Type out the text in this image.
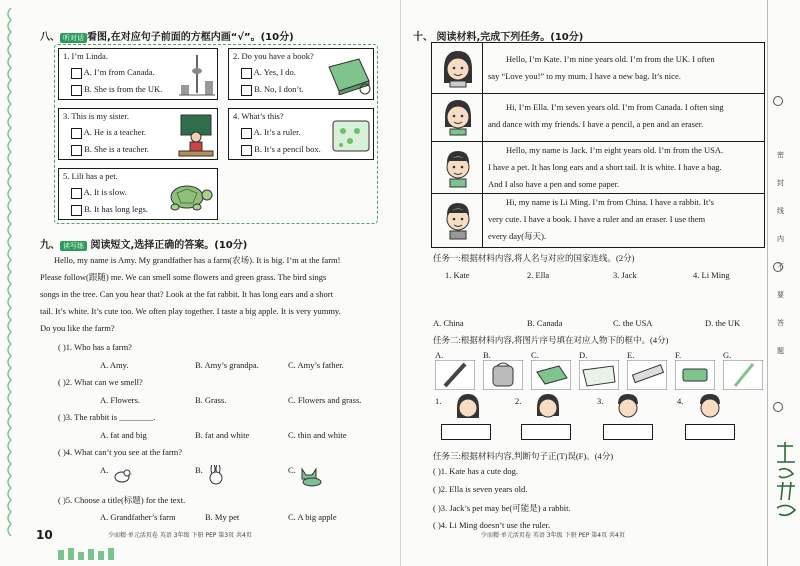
八、 听对话 看图,在对应句子前面的方框内画“√”。(10分)
1. I’m Linda.
A. I’m from Canada.
B. She is from the UK.
2. Do you have a book?
A. Yes, I do.
B. No, I don’t.
3. This is my sister.
A. He is a teacher.
B. She is a teacher.
4. What’s this?
A. It’s a ruler.
B. It’s a pencil box.
5. Lili has a pet.
A. It is slow.
B. It has long legs.
九、 读写练 阅读短文,选择正确的答案。(10分)
Hello, my name is Amy. My grandfather has a farm(农场). It is big. I’m at the farm!
Please follow(跟随) me. We can smell some flowers and green grass. The bird sings
songs in the tree. Can you hear that? Look at the fat rabbit. It has long ears and a short
tail. It’s white. It’s cute too. We often play together. I taste a big apple. It is very yummy.
Do you like the farm?
( )1. Who has a farm?
A. Amy.	B. Amy’s grandpa.	C. Amy’s father.
( )2. What can we smell?
A. Flowers.	B. Grass.	C. Flowers and grass.
( )3. The rabbit is ________.
A. fat and big	B. fat and white	C. thin and white
( )4. What can’t you see at the farm?
A.	B.	C.
( )5. Choose a title(标题) for the text.
A. Grandfather’s farm	B. My pet	C. A big apple
10	少而精·单元活页卷 英语 3年级 下册 PEP 第3页 共4页
十、 阅读材料,完成下列任务。(10分)
Hello, I’m Kate. I’m nine years old. I’m from the UK. I often
say “Love you!” to my mum. I have a new bag. It’s nice.
Hi, I’m Ella. I’m seven years old. I’m from Canada. I often sing
and dance with my friends. I have a pencil, a pen and an eraser.
Hello, my name is Jack. I’m eight years old. I’m from the USA.
I have a pet. It has long ears and a short tail. It is white. I have a bag.
And I also have a pen and some paper.
Hi, my name is Li Ming. I’m from China. I have a rabbit. It’s
very cute. I have a book. I have a ruler and an eraser. I use them
every day(每天).
任务一:根据材料内容,将人名与对应的国家连线。(2分)
1. Kate	2. Ella	3. Jack	4. Li Ming
A. China	B. Canada	C. the USA	D. the UK
任务二:根据材料内容,将图片序号填在对应人物下的框中。(4分)
A.	B.	C.	D.	E.	F.	G.
1.	2.	3.	4.
任务三:根据材料内容,判断句子正(T)误(F)。(4分)
( )1. Kate has a cute dog.
( )2. Ella is seven years old.
( )3. Jack’s pet may be(可能是) a rabbit.
( )4. Li Ming doesn’t use the ruler.
少而精·单元活页卷 英语 3年级 下册 PEP 第4页 共4页
密
封
线
内
不
要
答
题
